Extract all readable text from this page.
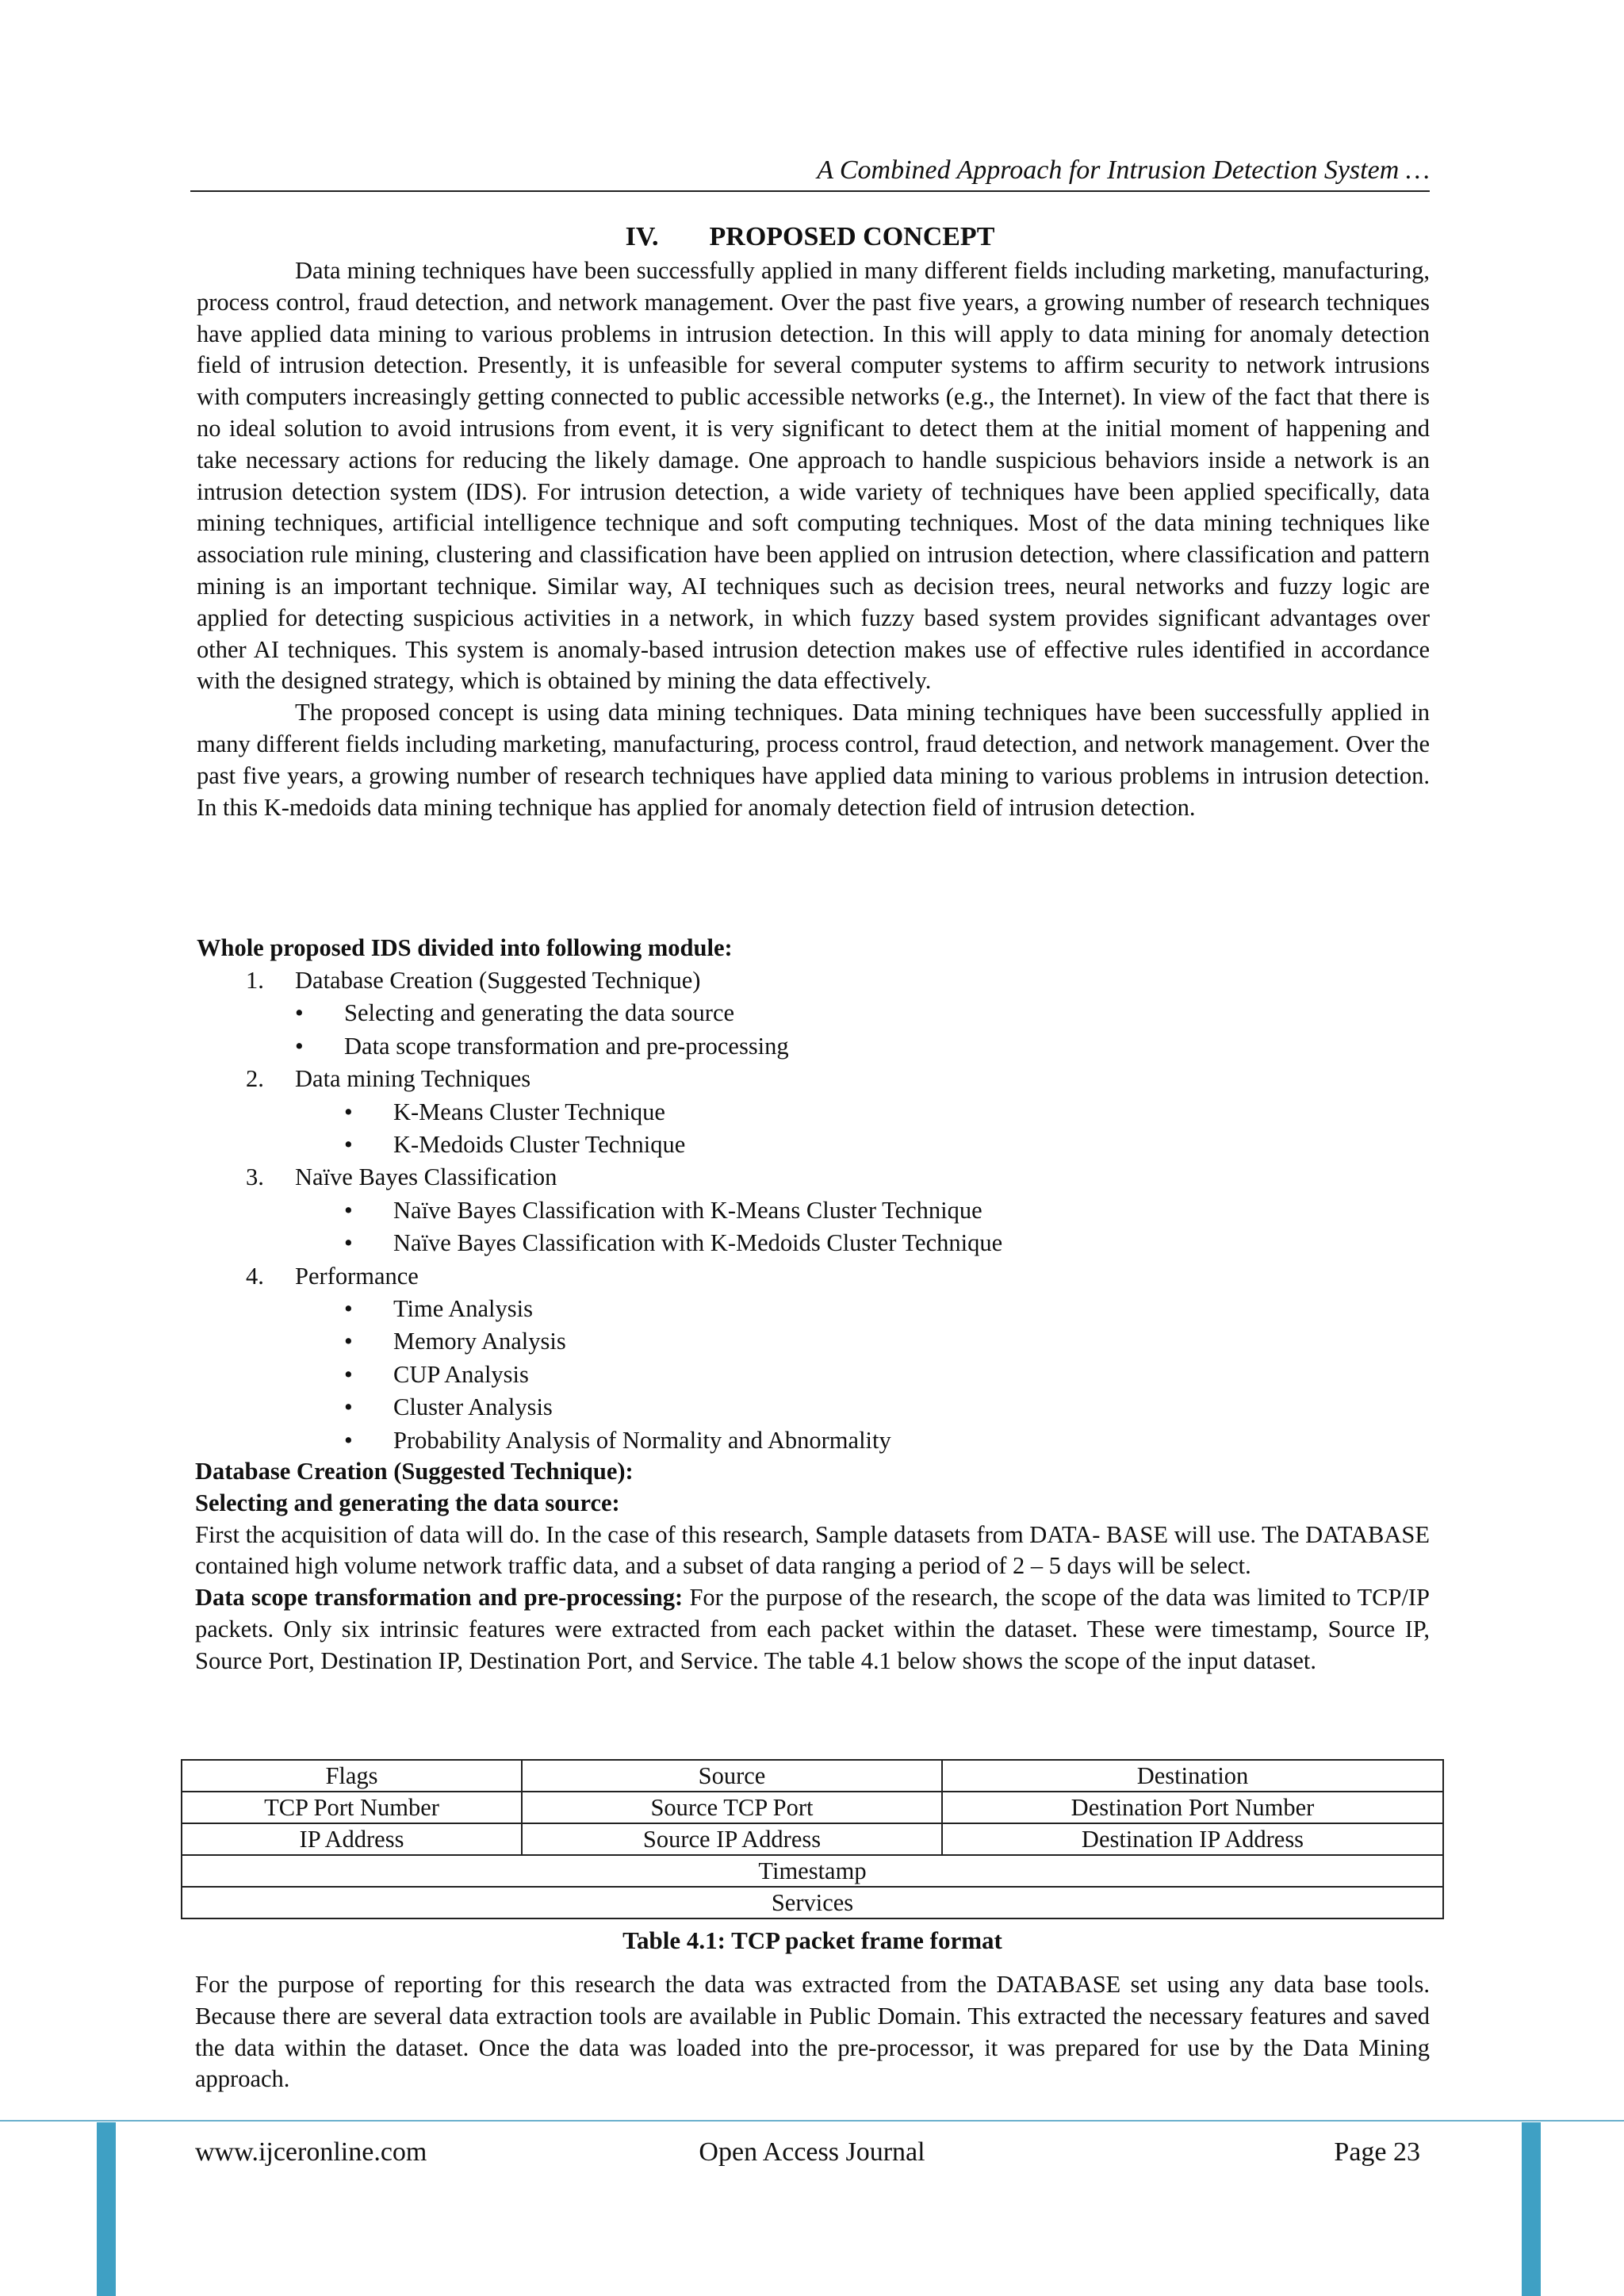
A Combined Approach for Intrusion Detection System …
IV. PROPOSED CONCEPT

Data mining techniques have been successfully applied in many different fields including marketing, manufacturing, process control, fraud detection, and network management. Over the past five years, a growing number of research techniques have applied data mining to various problems in intrusion detection. In this will apply to data mining for anomaly detection field of intrusion detection. Presently, it is unfeasible for several computer systems to affirm security to network intrusions with computers increasingly getting connected to public accessible networks (e.g., the Internet). In view of the fact that there is no ideal solution to avoid intrusions from event, it is very significant to detect them at the initial moment of happening and take necessary actions for reducing the likely damage. One approach to handle suspicious behaviors inside a network is an intrusion detection system (IDS). For intrusion detection, a wide variety of techniques have been applied specifically, data mining techniques, artificial intelligence technique and soft computing techniques. Most of the data mining techniques like association rule mining, clustering and classification have been applied on intrusion detection, where classification and pattern mining is an important technique. Similar way, AI techniques such as decision trees, neural networks and fuzzy logic are applied for detecting suspicious activities in a network, in which fuzzy based system provides significant advantages over other AI techniques. This system is anomaly-based intrusion detection makes use of effective rules identified in accordance with the designed strategy, which is obtained by mining the data effectively.

The proposed concept is using data mining techniques. Data mining techniques have been successfully applied in many different fields including marketing, manufacturing, process control, fraud detection, and network management. Over the past five years, a growing number of research techniques have applied data mining to various problems in intrusion detection. In this K-medoids data mining technique has applied for anomaly detection field of intrusion detection.

Whole proposed IDS divided into following module:
1. Database Creation (Suggested Technique)
• Selecting and generating the data source
• Data scope transformation and pre-processing
2. Data mining Techniques
• K-Means Cluster Technique
• K-Medoids Cluster Technique
3. Naïve Bayes Classification
• Naïve Bayes Classification with K-Means Cluster Technique
• Naïve Bayes Classification with K-Medoids Cluster Technique
4. Performance
• Time Analysis
• Memory Analysis
• CUP Analysis
• Cluster Analysis
• Probability Analysis of Normality and Abnormality
Database Creation (Suggested Technique):
Selecting and generating the data source:
First the acquisition of data will do. In the case of this research, Sample datasets from DATA- BASE will use. The DATABASE contained high volume network traffic data, and a subset of data ranging a period of 2 – 5 days will be select.
Data scope transformation and pre-processing: For the purpose of the research, the scope of the data was limited to TCP/IP packets. Only six intrinsic features were extracted from each packet within the dataset. These were timestamp, Source IP, Source Port, Destination IP, Destination Port, and Service. The table 4.1 below shows the scope of the input dataset.
Flags	Source	Destination
TCP Port Number	Source TCP Port	Destination Port Number
IP Address	Source IP Address	Destination IP Address
Timestamp		
Services		
Table 4.1: TCP packet frame format
For the purpose of reporting for this research the data was extracted from the DATABASE set using any data base tools. Because there are several data extraction tools are available in Public Domain. This extracted the necessary features and saved the data within the dataset. Once the data was loaded into the pre-processor, it was prepared for use by the Data Mining approach.
www.ijceronline.com	Open Access Journal	Page 23
